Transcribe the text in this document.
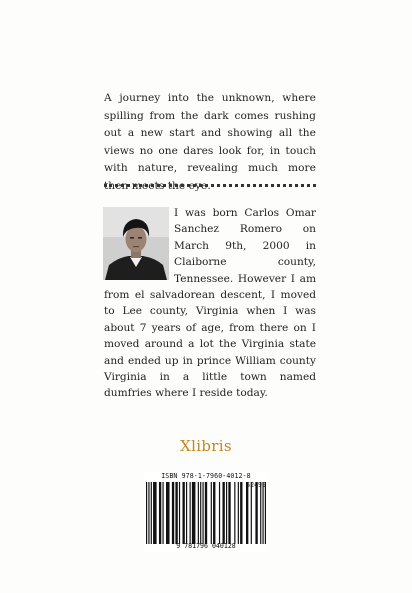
A journey into the unknown, where spilling from the dark comes rushing out a new start and showing all the views no one dares look for, in touch with nature, revealing much more then meets the eye.
I was born Carlos Omar Sanchez Romero on March 9th, 2000 in Claiborne county, Tennessee. However I am from el salvadorean descent, I moved to Lee county, Virginia when I was about 7 years of age, from there on I moved around a lot the Virginia state and ended up in prince William county Virginia in a little town named dumfries where I reside today.
Xlibris
ISBN 978-1-7960-4012-8
9 781796 040128
